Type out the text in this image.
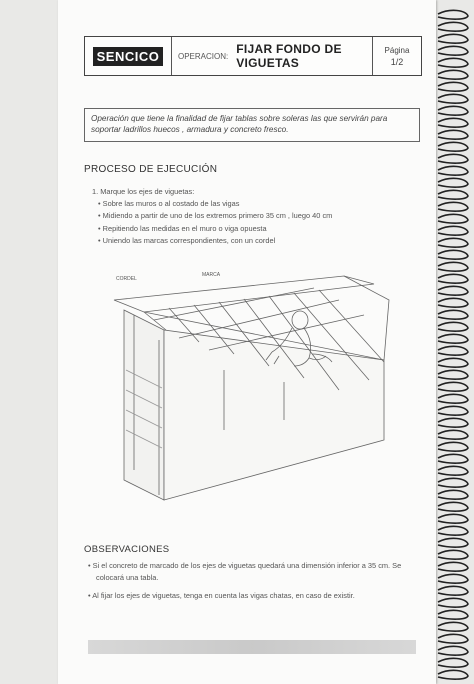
SENCICO	OPERACION: FIJAR FONDO DE VIGUETAS
Página
1/2
Operación que tiene la finalidad de fijar tablas sobre soleras las que servirán para soportar ladrillos huecos , armadura y concreto fresco.
PROCESO DE EJECUCIÓN
1. Marque los ejes de viguetas:
• Sobre las muros o al costado de las vigas
• Midiendo a partir de uno de los extremos primero 35 cm , luego 40 cm
• Repitiendo las medidas en el muro o viga opuesta
• Uniendo las marcas correspondientes, con un cordel
CORDEL
MARCA
OBSERVACIONES
• Si el concreto de marcado de los ejes de viguetas quedará una dimensión inferior a 35 cm. Se colocará una tabla.
• Al fijar los ejes de viguetas, tenga en cuenta las vigas chatas, en caso de existir.
